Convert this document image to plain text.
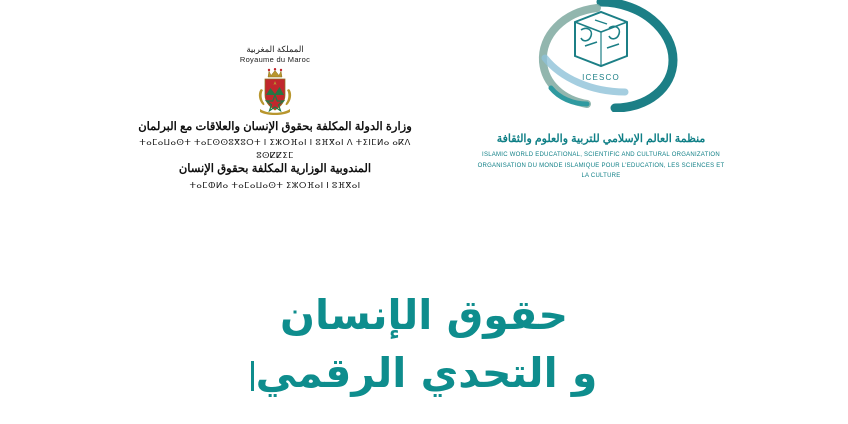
المملكة المغربية
Royaume du Maroc
وزارة الدولة المكلفة بحقوق الإنسان والعلاقات مع البرلمان
ⵜⴰⵎⴰⵡⴰⵙⵜ ⵜⴰⵎⵙⵙⵓⴳⵓⵔⵜ ⵏ ⵉⵣⵔⴼⴰⵏ ⵏ ⵓⴼⴳⴰⵏ ⴷ ⵜⵉⵏⵎⵍⴰ ⴰⴽⴷ ⵓⵙⵇⵇⵉⵎ
المندوبية الوزارية المكلفة بحقوق الإنسان
ⵜⴰⵎⵀⵍⴰ ⵜⴰⵎⴰⵡⴰⵙⵜ ⵉⵣⵔⴼⴰⵏ ⵏ ⵓⴼⴳⴰⵏ
ICESCO
منظمة العالم الإسلامي للتربية والعلوم والثقافة
ISLAMIC WORLD EDUCATIONAL, SCIENTIFIC AND CULTURAL ORGANIZATION
ORGANISATION DU MONDE ISLAMIQUE POUR L'EDUCATION, LES SCIENCES ET LA CULTURE
حقوق الإنسان
و التحدي الرقمي
